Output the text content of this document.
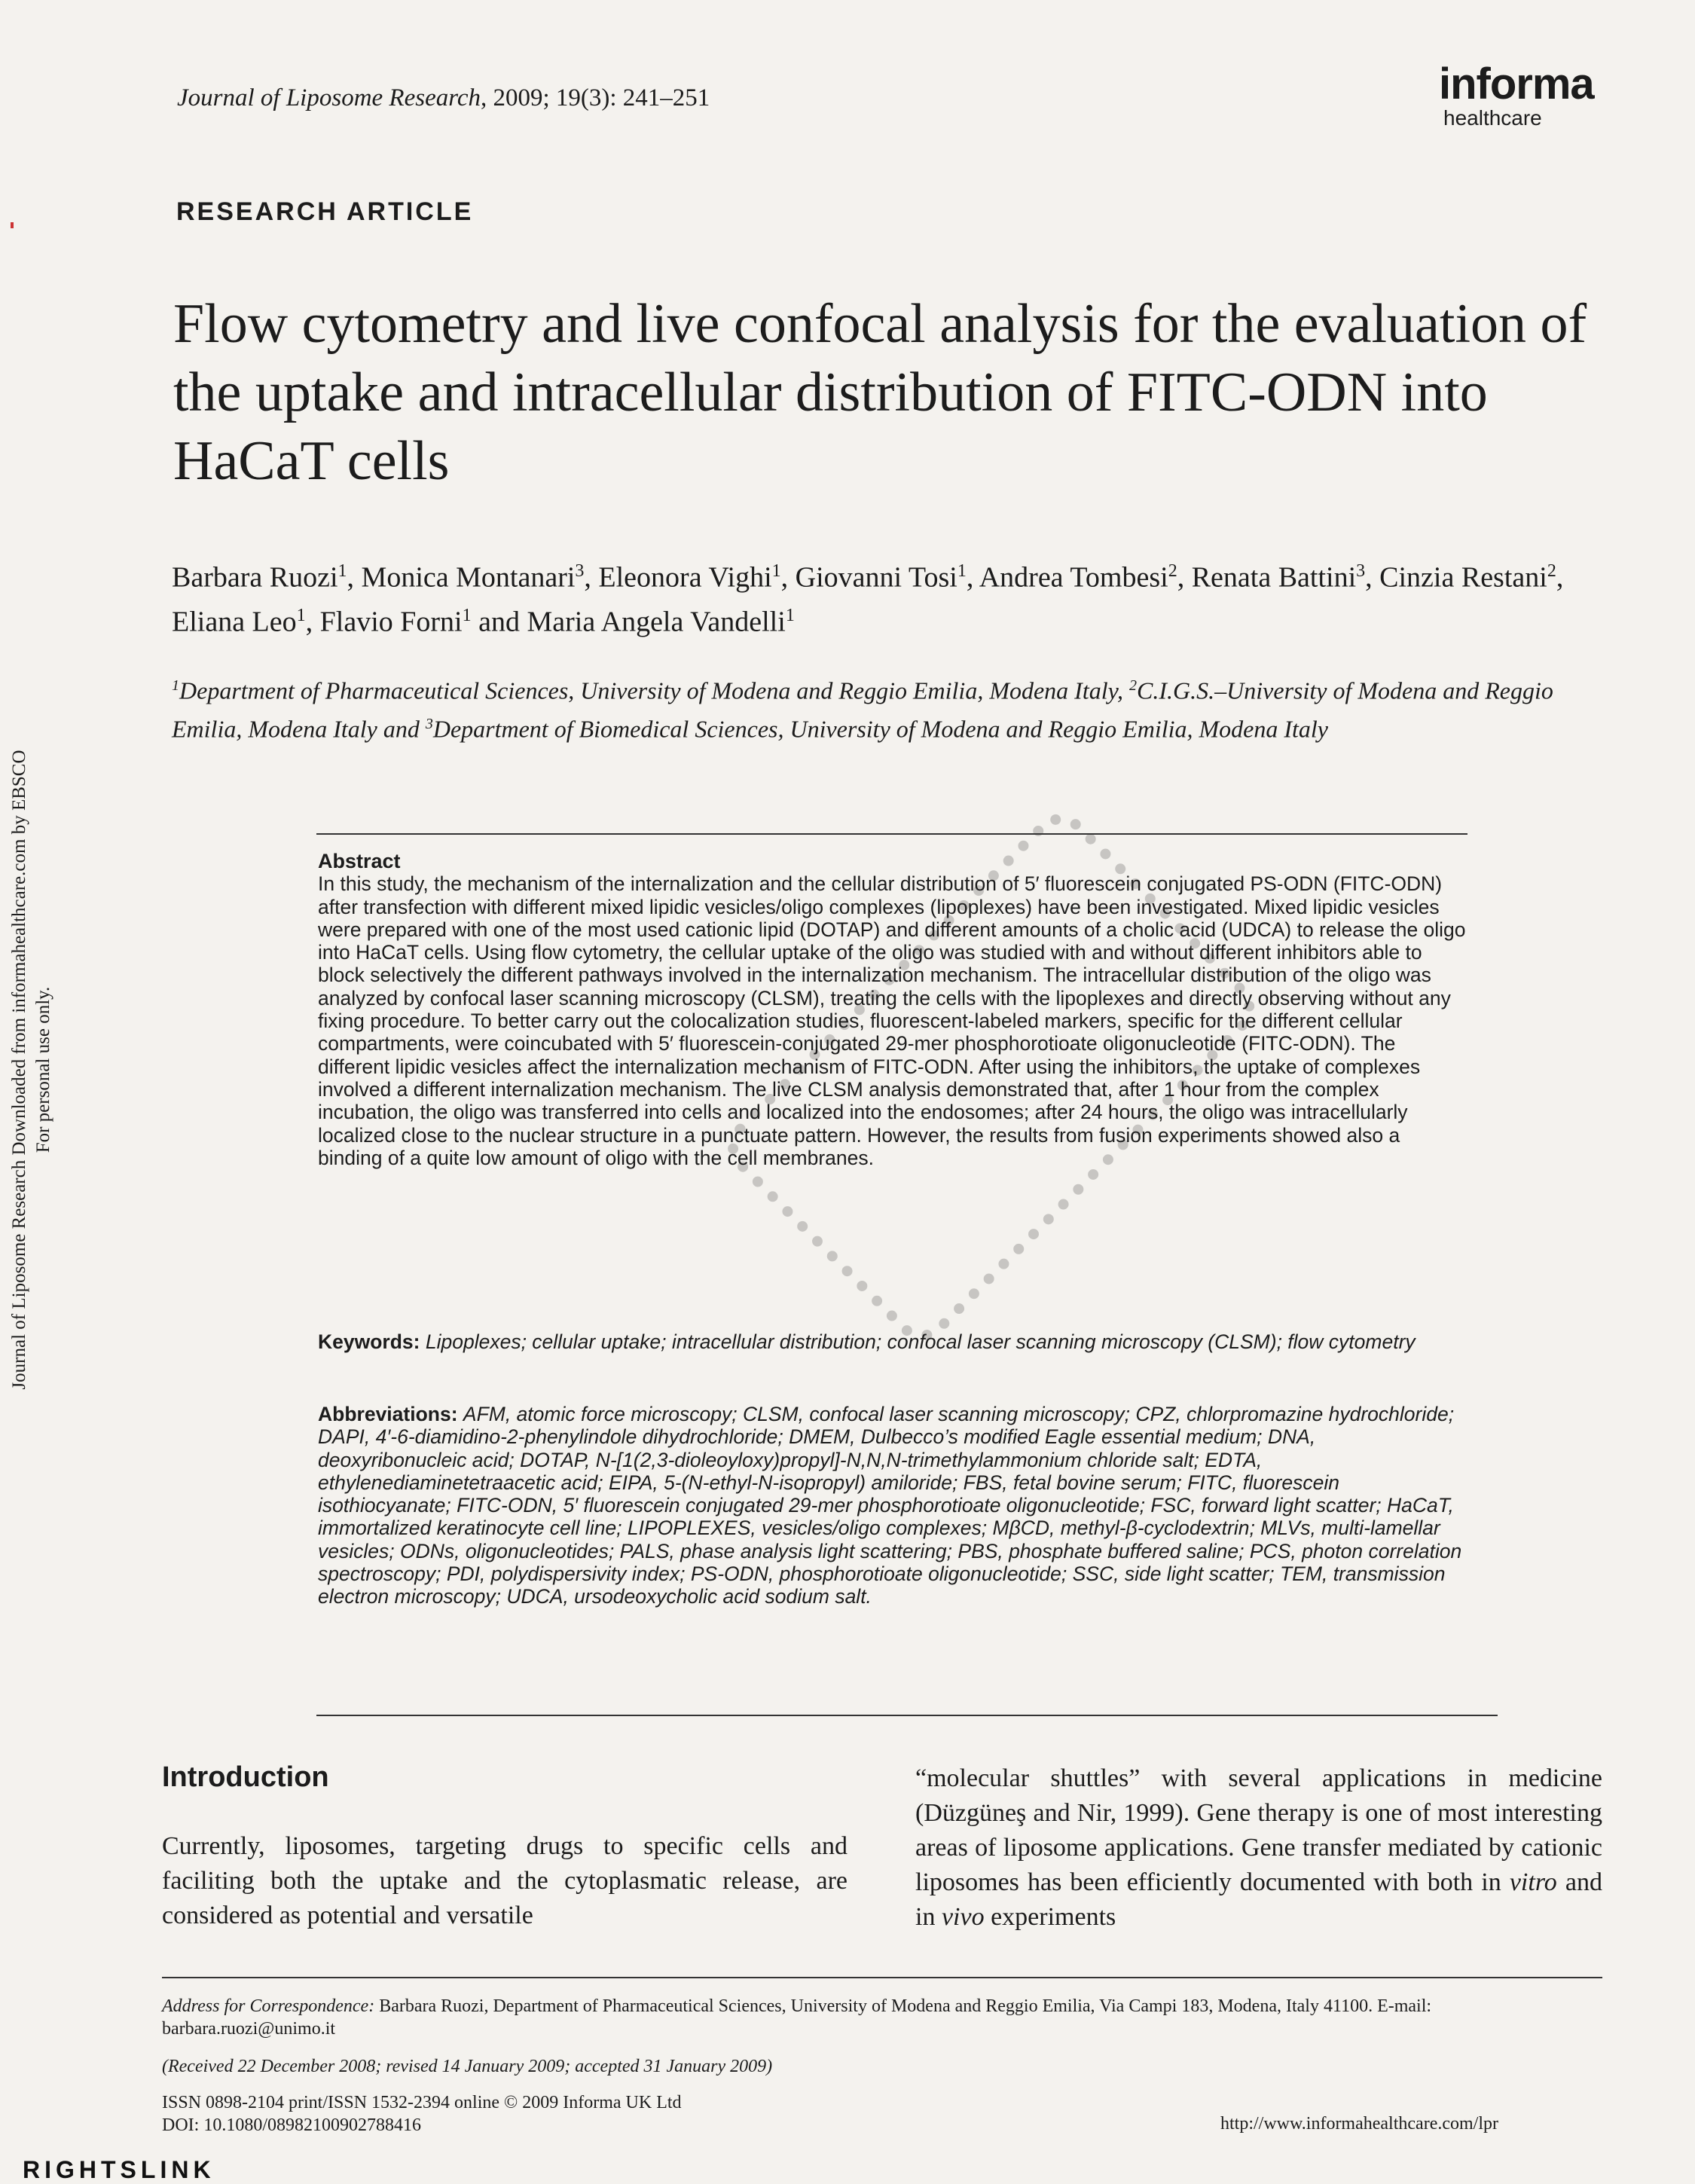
Journal of Liposome Research Downloaded from informahealthcare.com by EBSCO For personal use only.
Journal of Liposome Research, 2009; 19(3): 241–251	informa
healthcare
RESEARCH ARTICLE
Flow cytometry and live confocal analysis for the evaluation of the uptake and intracellular distribution of FITC-ODN into HaCaT cells
Barbara Ruozi$^1$, Monica Montanari$^3$, Eleonora Vighi$^1$, Giovanni Tosi$^1$, Andrea Tombesi$^2$, Renata Battini$^3$, Cinzia Restani$^2$, Eliana Leo$^1$, Flavio Forni$^1$ and Maria Angela Vandelli$^1$
$^1$Department of Pharmaceutical Sciences, University of Modena and Reggio Emilia, Modena Italy, $^2$C.I.G.S.–University of Modena and Reggio Emilia, Modena Italy and $^3$Department of Biomedical Sciences, University of Modena and Reggio Emilia, Modena Italy
Abstract
In this study, the mechanism of the internalization and the cellular distribution of 5′ fluorescein conjugated PS-ODN (FITC-ODN) after transfection with different mixed lipidic vesicles/oligo complexes (lipoplexes) have been investigated. Mixed lipidic vesicles were prepared with one of the most used cationic lipid (DOTAP) and different amounts of a cholic acid (UDCA) to release the oligo into HaCaT cells. Using flow cytometry, the cellular uptake of the oligo was studied with and without different inhibitors able to block selectively the different pathways involved in the internalization mechanism. The intracellular distribution of the oligo was analyzed by confocal laser scanning microscopy (CLSM), treating the cells with the lipoplexes and directly observing without any fixing procedure. To better carry out the colocalization studies, fluorescent-labeled markers, specific for the different cellular compartments, were coincubated with 5′ fluorescein-conjugated 29-mer phosphorotioate oligonucleotide (FITC-ODN). The different lipidic vesicles affect the internalization mechanism of FITC-ODN. After using the inhibitors, the uptake of complexes involved a different internalization mechanism. The live CLSM analysis demonstrated that, after 1 hour from the complex incubation, the oligo was transferred into cells and localized into the endosomes; after 24 hours, the oligo was intracellularly localized close to the nuclear structure in a punctuate pattern. However, the results from fusion experiments showed also a binding of a quite low amount of oligo with the cell membranes.
Keywords: Lipoplexes; cellular uptake; intracellular distribution; confocal laser scanning microscopy (CLSM); flow cytometry
Abbreviations: AFM, atomic force microscopy; CLSM, confocal laser scanning microscopy; CPZ, chlorpromazine hydrochloride; DAPI, 4′-6-diamidino-2-phenylindole dihydrochloride; DMEM, Dulbecco’s modified Eagle essential medium; DNA, deoxyribonucleic acid; DOTAP, N-[1(2,3-dioleoyloxy)propyl]-N,N,N-trimethylammonium chloride salt; EDTA, ethylenediaminetetraacetic acid; EIPA, 5-(N-ethyl-N-isopropyl) amiloride; FBS, fetal bovine serum; FITC, fluorescein isothiocyanate; FITC-ODN, 5′ fluorescein conjugated 29-mer phosphorotioate oligonucleotide; FSC, forward light scatter; HaCaT, immortalized keratinocyte cell line; LIPOPLEXES, vesicles/oligo complexes; MβCD, methyl-β-cyclodextrin; MLVs, multi-lamellar vesicles; ODNs, oligonucleotides; PALS, phase analysis light scattering; PBS, phosphate buffered saline; PCS, photon correlation spectroscopy; PDI, polydispersivity index; PS-ODN, phosphorotioate oligonucleotide; SSC, side light scatter; TEM, transmission electron microscopy; UDCA, ursodeoxycholic acid sodium salt.
Introduction
Currently, liposomes, targeting drugs to specific cells and faciliting both the uptake and the cytoplasmatic release, are considered as potential and versatile
“molecular shuttles” with several applications in medicine (Düzgüneş and Nir, 1999). Gene therapy is one of most interesting areas of liposome applications. Gene transfer mediated by cationic liposomes has been efficiently documented with both in vitro and in vivo experiments
Address for Correspondence: Barbara Ruozi, Department of Pharmaceutical Sciences, University of Modena and Reggio Emilia, Via Campi 183, Modena, Italy 41100. E-mail: barbara.ruozi@unimo.it
(Received 22 December 2008; revised 14 January 2009; accepted 31 January 2009)
ISSN 0898-2104 print/ISSN 1532-2394 online © 2009 Informa UK Ltd
DOI: 10.1080/08982100902788416	http://www.informahealthcare.com/lpr
RIGHTSLINK
